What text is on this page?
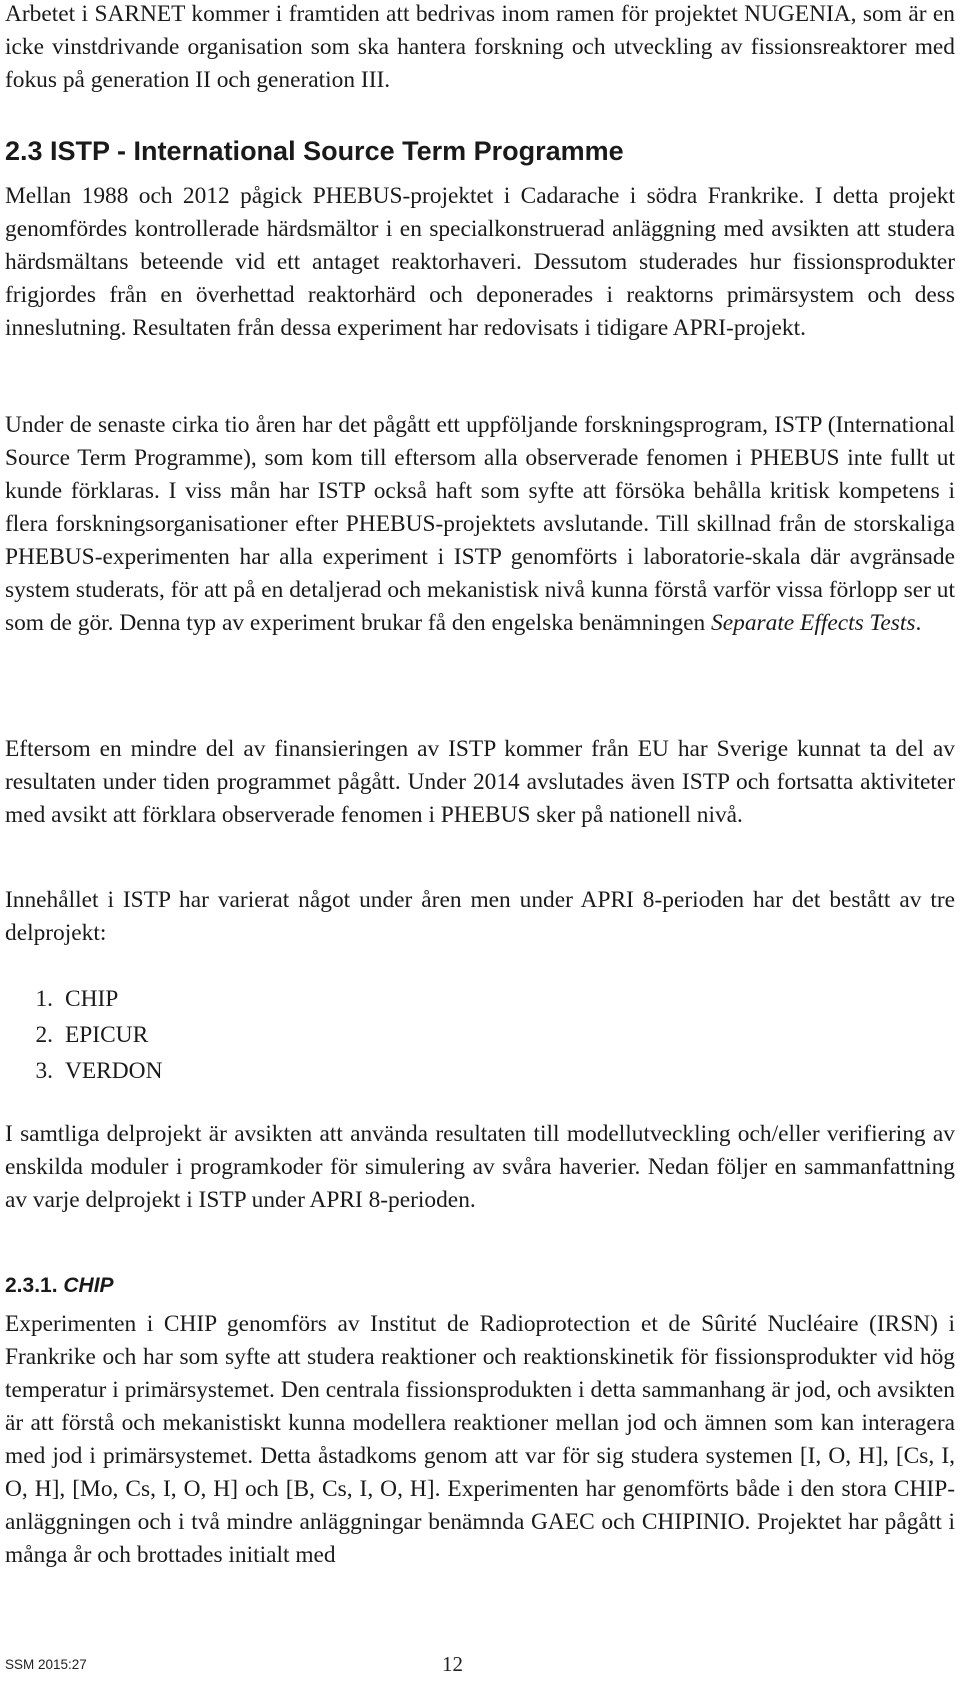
Arbetet i SARNET kommer i framtiden att bedrivas inom ramen för projektet NUGENIA, som är en icke vinstdrivande organisation som ska hantera forskning och utveckling av fissionsreaktorer med fokus på generation II och generation III.

2.3 ISTP - International Source Term Programme

Mellan 1988 och 2012 pågick PHEBUS-projektet i Cadarache i södra Frankrike. I detta projekt genomfördes kontrollerade härdsmältor i en specialkonstruerad anläggning med avsikten att studera härdsmältans beteende vid ett antaget reaktorhaveri. Dessutom studerades hur fissionsprodukter frigjordes från en överhettad reaktorhärd och deponerades i reaktorns primärsystem och dess inneslutning. Resultaten från dessa experiment har redovisats i tidigare APRI-projekt.

Under de senaste cirka tio åren har det pågått ett uppföljande forskningsprogram, ISTP (International Source Term Programme), som kom till eftersom alla observerade fenomen i PHEBUS inte fullt ut kunde förklaras. I viss mån har ISTP också haft som syfte att försöka behålla kritisk kompetens i flera forskningsorganisationer efter PHEBUS-projektets avslutande. Till skillnad från de storskaliga PHEBUS-experimenten har alla experiment i ISTP genomförts i laboratorie-skala där avgränsade system studerats, för att på en detaljerad och mekanistisk nivå kunna förstå varför vissa förlopp ser ut som de gör. Denna typ av experiment brukar få den engelska benämningen Separate Effects Tests.

Eftersom en mindre del av finansieringen av ISTP kommer från EU har Sverige kunnat ta del av resultaten under tiden programmet pågått. Under 2014 avslutades även ISTP och fortsatta aktiviteter med avsikt att förklara observerade fenomen i PHEBUS sker på nationell nivå.

Innehållet i ISTP har varierat något under åren men under APRI 8-perioden har det bestått av tre delprojekt:

1. CHIP
2. EPICUR
3. VERDON

I samtliga delprojekt är avsikten att använda resultaten till modellutveckling och/eller verifiering av enskilda moduler i programkoder för simulering av svåra haverier. Nedan följer en sammanfattning av varje delprojekt i ISTP under APRI 8-perioden.

2.3.1. CHIP

Experimenten i CHIP genomförs av Institut de Radioprotection et de Sûrité Nucléaire (IRSN) i Frankrike och har som syfte att studera reaktioner och reaktionskinetik för fissionsprodukter vid hög temperatur i primärsystemet. Den centrala fissionsprodukten i detta sammanhang är jod, och avsikten är att förstå och mekanistiskt kunna modellera reaktioner mellan jod och ämnen som kan interagera med jod i primärsystemet. Detta åstadkoms genom att var för sig studera systemen [I, O, H], [Cs, I, O, H], [Mo, Cs, I, O, H] och [B, Cs, I, O, H]. Experimenten har genomförts både i den stora CHIP-anläggningen och i två mindre anläggningar benämnda GAEC och CHIPINIO. Projektet har pågått i många år och brottades initialt med

SSM 2015:27	12
